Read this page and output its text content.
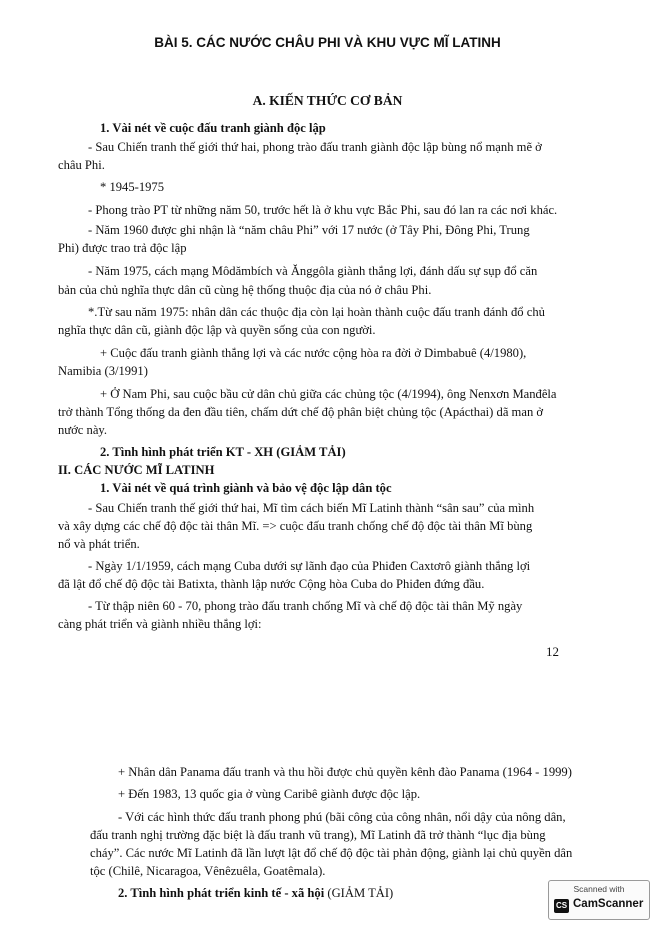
BÀI 5. CÁC NƯỚC CHÂU PHI VÀ KHU VỰC MĨ LATINH
A. KIẾN THỨC CƠ BẢN
1. Vài nét về cuộc đấu tranh giành độc lập
- Sau Chiến tranh thế giới thứ hai, phong trào đấu tranh giành độc lập bùng nổ mạnh mẽ ở
châu Phi.
* 1945-1975
- Phong trào PT từ những năm 50, trước hết là ở khu vực Bắc Phi, sau đó lan ra các nơi khác.
- Năm 1960 được ghi nhận là “năm châu Phi” với 17 nước (ở Tây Phi, Đông Phi, Trung
Phi) được trao trả độc lập
- Năm 1975, cách mạng Môdămbích và Ănggôla giành thắng lợi, đánh dấu sự sụp đổ căn
bản của chủ nghĩa thực dân cũ cùng hệ thống thuộc địa của nó ở châu Phi.
*.Từ sau năm 1975: nhân dân các thuộc địa còn lại hoàn thành cuộc đấu tranh đánh đổ chủ
nghĩa thực dân cũ, giành độc lập và quyền sống của con người.
+ Cuộc đấu tranh giành thắng lợi và các nước cộng hòa ra đời ở Dimbabuê (4/1980),
Namibia (3/1991)
+ Ở Nam Phi, sau cuộc bầu cử dân chủ giữa các chủng tộc (4/1994), ông Nenxơn Manđêla
trở thành Tổng thống da đen đầu tiên, chấm dứt chế độ phân biệt chủng tộc (Apácthai) dã man ở
nước này.
2. Tình hình phát triển KT - XH (GIẢM TẢI)
II. CÁC NƯỚC MĨ LATINH
1. Vài nét về quá trình giành và bảo vệ độc lập dân tộc
- Sau Chiến tranh thế giới thứ hai, Mĩ tìm cách biến Mĩ Latinh thành “sân sau” của mình
và xây dựng các chế độ độc tài thân Mĩ. => cuộc đấu tranh chống chế độ độc tài thân Mĩ bùng
nổ và phát triển.
- Ngày 1/1/1959, cách mạng Cuba dưới sự lãnh đạo của Phiđen Caxtơrô giành thắng lợi
đã lật đổ chế độ độc tài Batixta, thành lập nước Cộng hòa Cuba do Phiđen đứng đầu.
- Từ thập niên 60 - 70, phong trào đấu tranh chống Mĩ và chế độ độc tài thân Mỹ ngày
càng phát triển và giành nhiều thắng lợi:
12
+ Nhân dân Panama đấu tranh và thu hồi được chủ quyền kênh đào Panama (1964 - 1999)
+ Đến 1983, 13 quốc gia ở vùng Caribê giành được độc lập.
- Với các hình thức đấu tranh phong phú (bãi công của công nhân, nổi dậy của nông dân,
đấu tranh nghị trường đặc biệt là đấu tranh vũ trang), Mĩ Latinh đã trở thành “lục địa bùng
cháy”. Các nước Mĩ Latinh đã lần lượt lật đổ chế độ độc tài phản động, giành lại chủ quyền dân
tộc (Chilê, Nicaragoa, Vênêzuêla, Goatêmala).
2. Tình hình phát triển kinh tế - xã hội (GIẢM TẢI)	Scanned with
CS CamScanner
